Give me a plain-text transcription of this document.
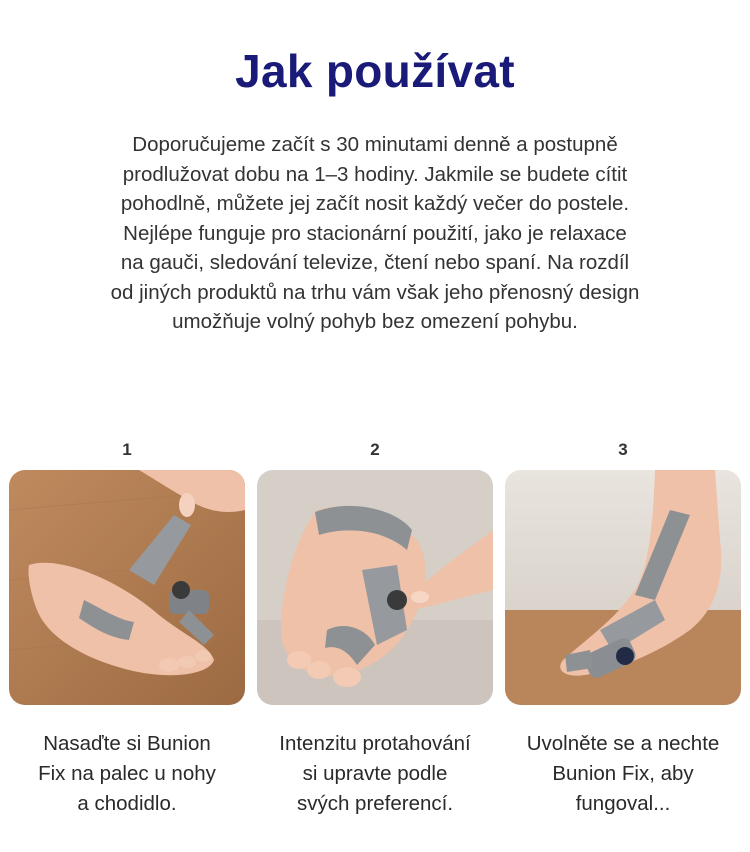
Jak používat

Doporučujeme začít s 30 minutami denně a postupně
prodlužovat dobu na 1–3 hodiny. Jakmile se budete cítit
pohodlně, můžete jej začít nosit každý večer do postele.
Nejlépe funguje pro stacionární použití, jako je relaxace
na gauči, sledování televize, čtení nebo spaní. Na rozdíl
od jiných produktů na trhu vám však jeho přenosný design
umožňuje volný pohyb bez omezení pohybu.

1
Nasaďte si Bunion
Fix na palec u nohy
a chodidlo.
2
Intenzitu protahování
si upravte podle
svých preferencí.
3
Uvolněte se a nechte
Bunion Fix, aby
fungoval...
